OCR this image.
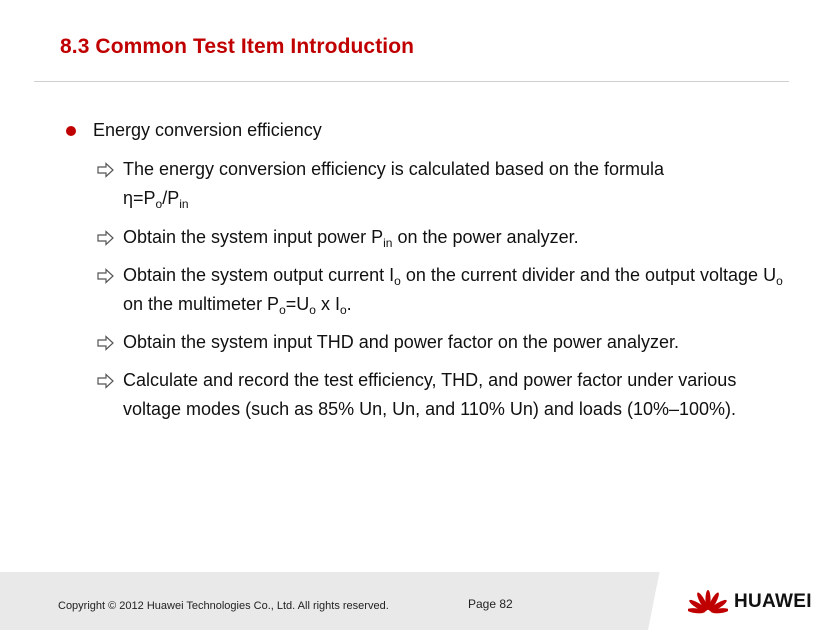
8.3 Common Test Item Introduction
Energy conversion efficiency
The energy conversion efficiency is calculated based on the formula
$\eta=P_o/P_{in}$
Obtain the system input power $P_{in}$ on the power analyzer.
Obtain the system output current $I_o$ on the current divider and the output voltage $U_o$ on the multimeter $P_o=U_o$ x $I_o$.
Obtain the system input THD and power factor on the power analyzer.
Calculate and record the test efficiency, THD, and power factor under various voltage modes (such as 85% Un, Un, and 110% Un) and loads (10%–100%).
Copyright © 2012 Huawei Technologies Co., Ltd. All rights reserved.	Page 82	HUAWEI
